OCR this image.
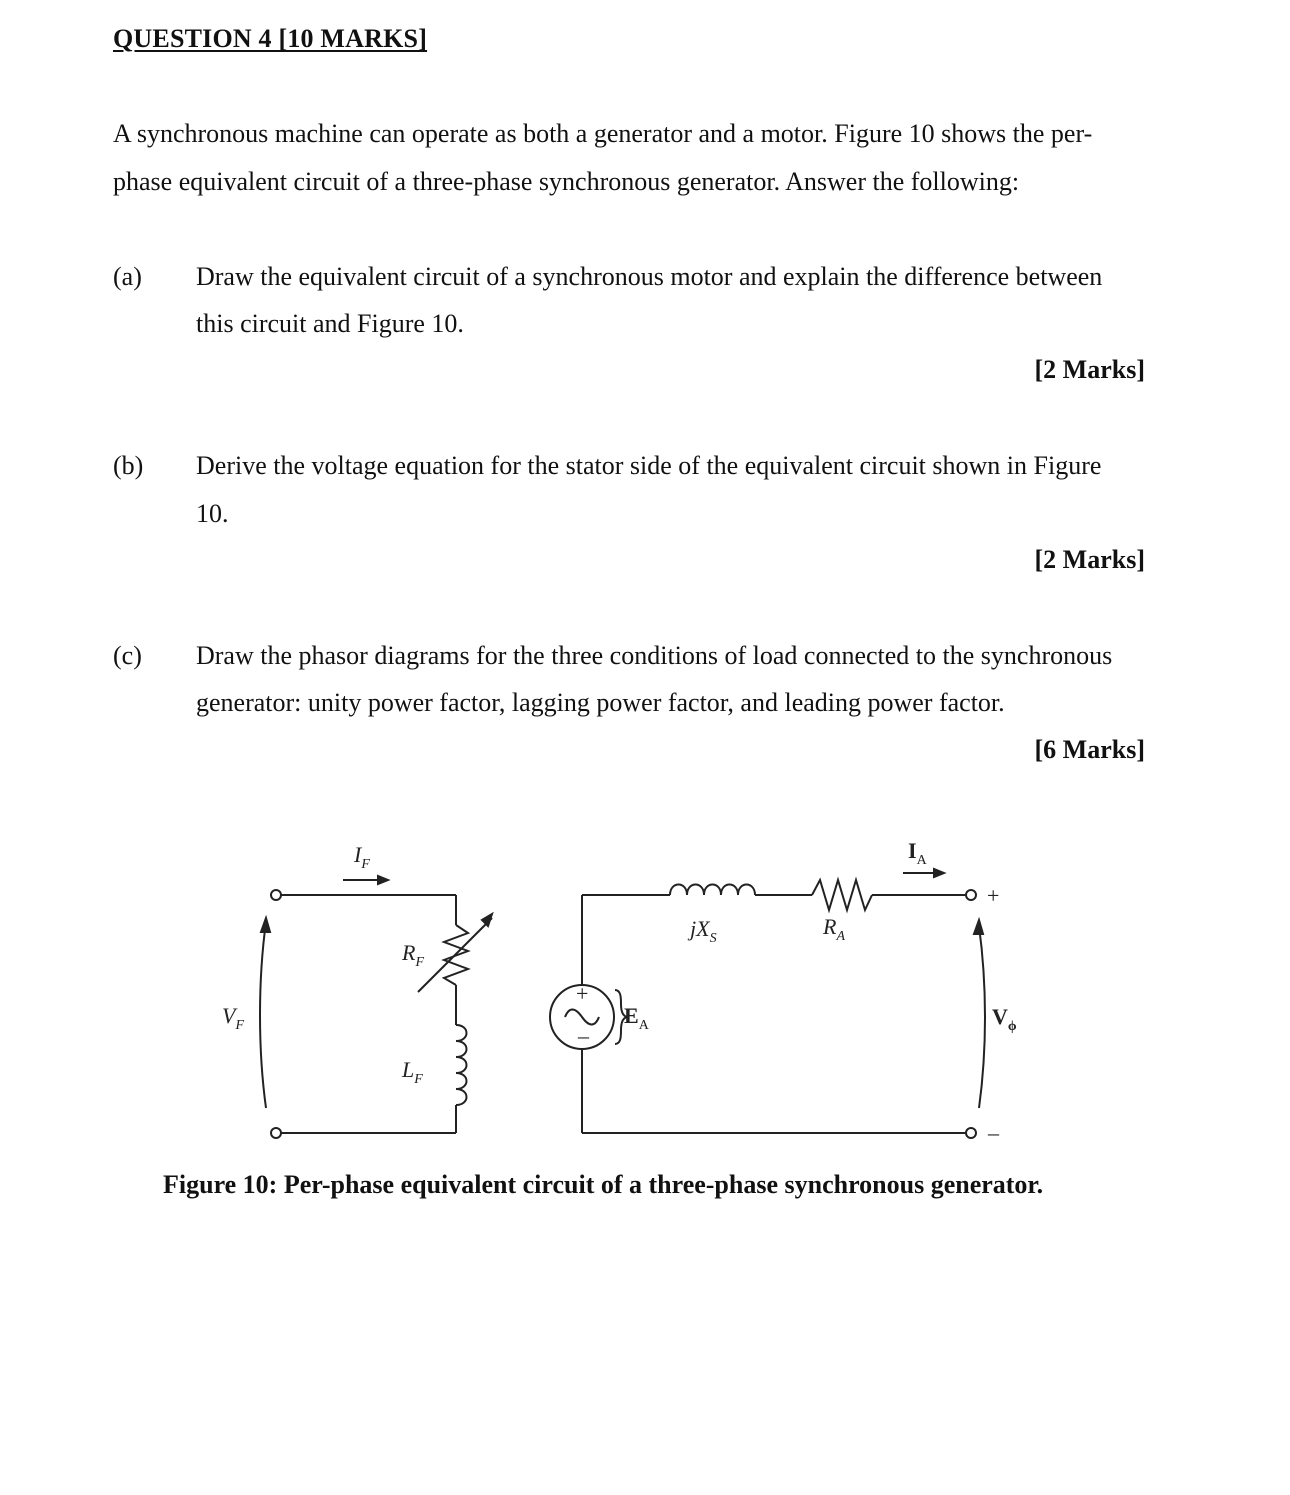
QUESTION 4 [10 MARKS]
A synchronous machine can operate as both a generator and a motor. Figure 10 shows the per-
phase equivalent circuit of a three-phase synchronous generator. Answer the following:
(a) Draw the equivalent circuit of a synchronous motor and explain the difference between
this circuit and Figure 10.
[2 Marks]
(b) Derive the voltage equation for the stator side of the equivalent circuit shown in Figure
10.
[2 Marks]
(c) Draw the phasor diagrams for the three conditions of load connected to the synchronous
generator: unity power factor, lagging power factor, and leading power factor.
[6 Marks]
$I_F$
$R_F$
$L_F$
$V_F$	$E_A$
$jX_S$	$R_A$
$I_A$
$V_\phi$
+
–
+
–
Figure 10: Per-phase equivalent circuit of a three-phase synchronous generator.
